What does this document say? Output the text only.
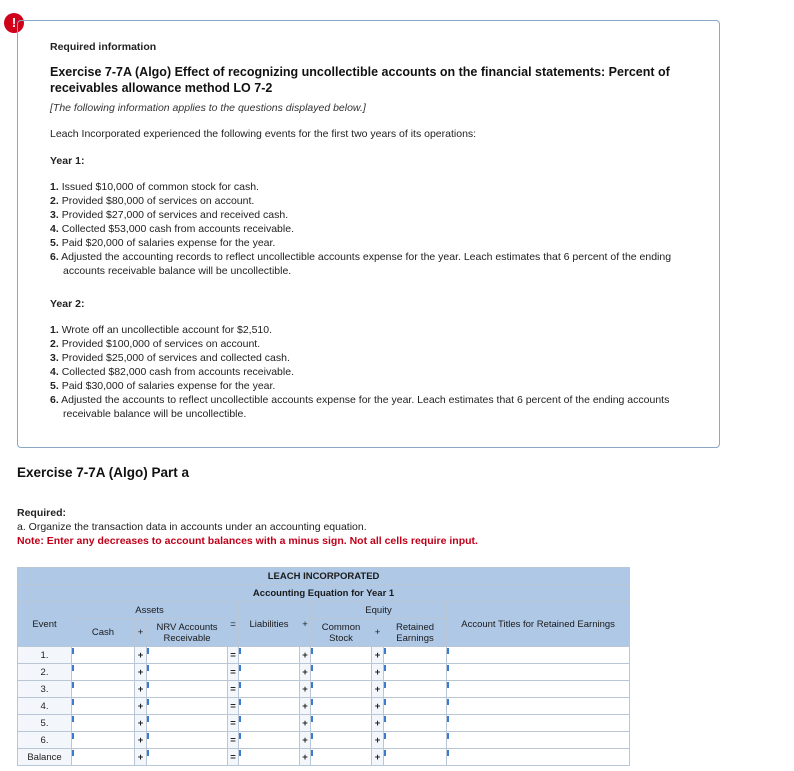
!

Required information

Exercise 7-7A (Algo) Effect of recognizing uncollectible accounts on the financial statements: Percent of receivables allowance method LO 7-2

[The following information applies to the questions displayed below.]

Leach Incorporated experienced the following events for the first two years of its operations:

Year 1:

1. Issued $10,000 of common stock for cash.
2. Provided $80,000 of services on account.
3. Provided $27,000 of services and received cash.
4. Collected $53,000 cash from accounts receivable.
5. Paid $20,000 of salaries expense for the year.
6. Adjusted the accounting records to reflect uncollectible accounts expense for the year. Leach estimates that 6 percent of the ending accounts receivable balance will be uncollectible.

Year 2:

1. Wrote off an uncollectible account for $2,510.
2. Provided $100,000 of services on account.
3. Provided $25,000 of services and collected cash.
4. Collected $82,000 cash from accounts receivable.
5. Paid $30,000 of salaries expense for the year.
6. Adjusted the accounts to reflect uncollectible accounts expense for the year. Leach estimates that 6 percent of the ending accounts receivable balance will be uncollectible.
Exercise 7-7A (Algo) Part a
Required:
a. Organize the transaction data in accounts under an accounting equation.
Note: Enter any decreases to account balances with a minus sign. Not all cells require input.
LEACH INCORPORATED										
Accounting Equation for Year 1										
Event	Assets			=	Liabilities	+	Equity			Account Titles for Retained Earnings
	Cash	+	NRV Accounts Receivable				Common Stock	+	Retained Earnings	
1.		+		=		+		+		
2.		+		=		+		+		
3.		+		=		+		+		
4.		+		=		+		+		
5.		+		=		+		+		
6.		+		=		+		+		
Balance		+		=		+		+		
